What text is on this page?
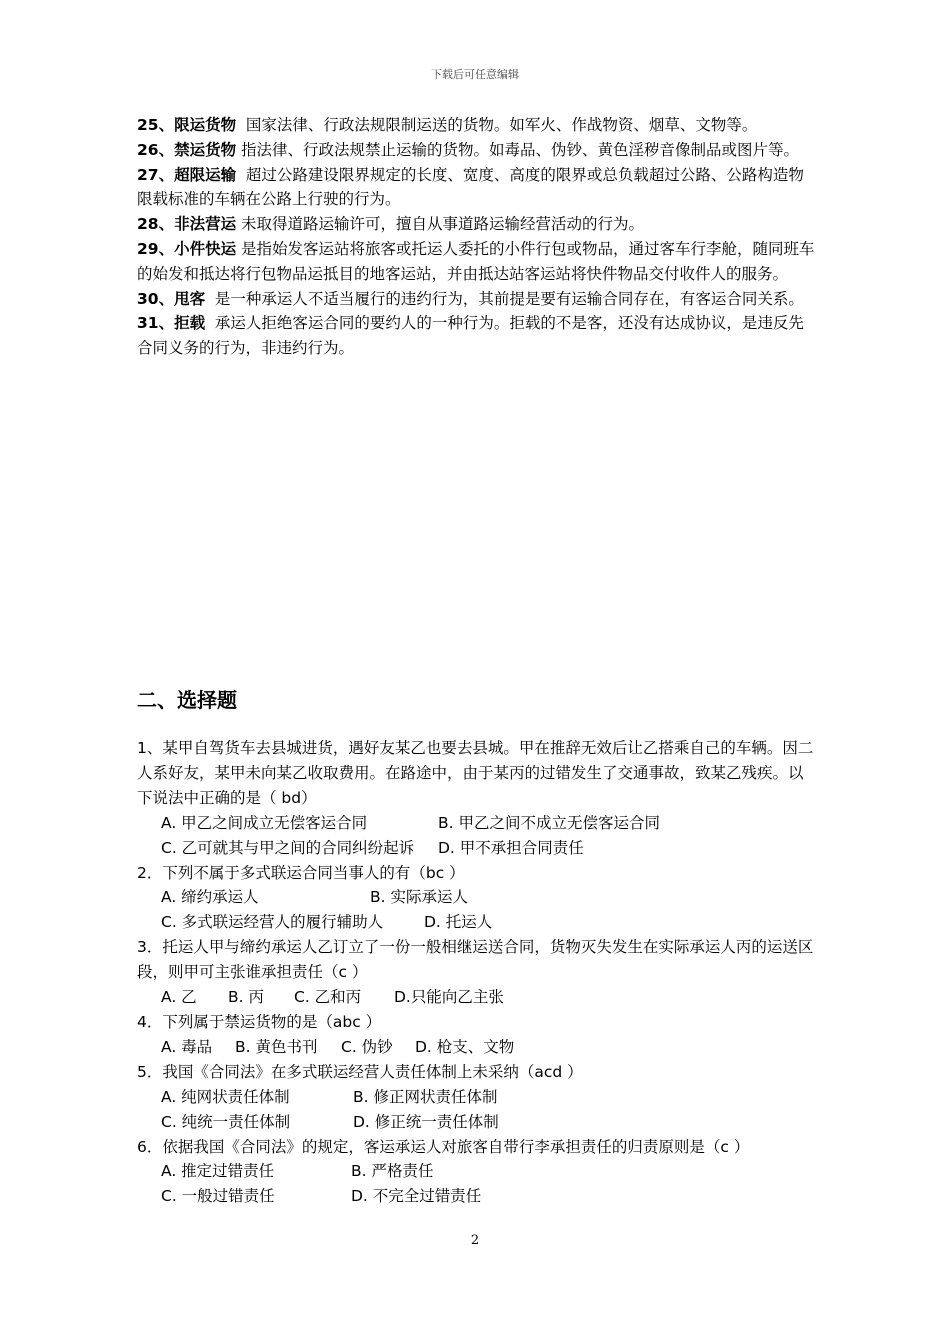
下载后可任意编辑

25、限运货物  国家法律、行政法规限制运送的货物。如军火、作战物资、烟草、文物等。

26、禁运货物 指法律、行政法规禁止运输的货物。如毒品、伪钞、黄色淫秽音像制品或图片等。

27、超限运输  超过公路建设限界规定的长度、宽度、高度的限界或总负载超过公路、公路构造物限载标准的车辆在公路上行驶的行为。

28、非法营运 未取得道路运输许可，擅自从事道路运输经营活动的行为。

29、小件快运 是指始发客运站将旅客或托运人委托的小件行包或物品，通过客车行李舱，随同班车的始发和抵达将行包物品运抵目的地客运站，并由抵达站客运站将快件物品交付收件人的服务。

30、甩客  是一种承运人不适当履行的违约行为，其前提是要有运输合同存在，有客运合同关系。

31、拒载  承运人拒绝客运合同的要约人的一种行为。拒载的不是客，还没有达成协议，是违反先合同义务的行为，非违约行为。

二、选择题

1、某甲自驾货车去县城进货，遇好友某乙也要去县城。甲在推辞无效后让乙搭乘自己的车辆。因二人系好友，某甲未向某乙收取费用。在路途中，由于某丙的过错发生了交通事故，致某乙残疾。以下说法中正确的是（ bd）

A. 甲乙之间成立无偿客运合同	B. 甲乙之间不成立无偿客运合同

C. 乙可就其与甲之间的合同纠纷起诉 D. 甲不承担合同责任

2．下列不属于多式联运合同当事人的有（bc ）

A. 缔约承运人	B. 实际承运人

C. 多式联运经营人的履行辅助人	D. 托运人

3．托运人甲与缔约承运人乙订立了一份一般相继运送合同，货物灭失发生在实际承运人丙的运送区段，则甲可主张谁承担责任（c ）

A. 乙 B. 丙 C. 乙和丙 D.只能向乙主张

4．下列属于禁运货物的是（abc ）

A. 毒品 B. 黄色书刊 C. 伪钞 D. 枪支、文物

5．我国《合同法》在多式联运经营人责任体制上未采纳（acd ）

A. 纯网状责任体制	B. 修正网状责任体制

C. 纯统一责任体制	D. 修正统一责任体制

6．依据我国《合同法》的规定，客运承运人对旅客自带行李承担责任的归责原则是（c ）

A. 推定过错责任	B. 严格责任

C. 一般过错责任	D. 不完全过错责任

2
